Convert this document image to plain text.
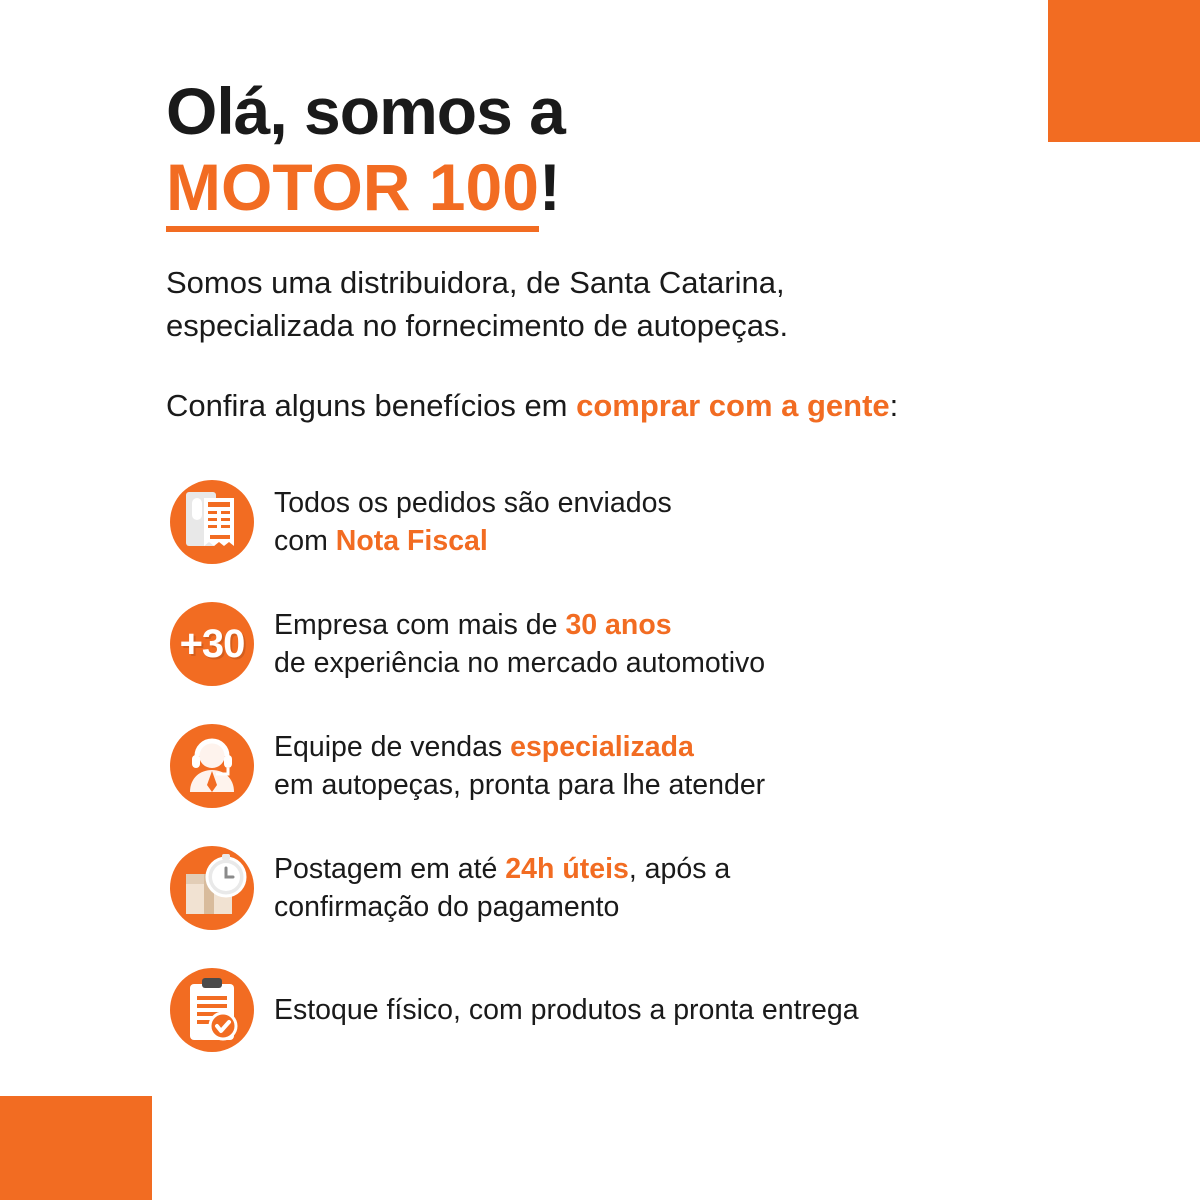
Olá, somos a
MOTOR 100!

Somos uma distribuidora, de Santa Catarina,
especializada no fornecimento de autopeças.

Confira alguns benefícios em comprar com a gente:

Todos os pedidos são enviados
com Nota Fiscal
+30 Empresa com mais de 30 anos
de experiência no mercado automotivo
Equipe de vendas especializada
em autopeças, pronta para lhe atender
Postagem em até 24h úteis, após a
confirmação do pagamento
Estoque físico, com produtos a pronta entrega
